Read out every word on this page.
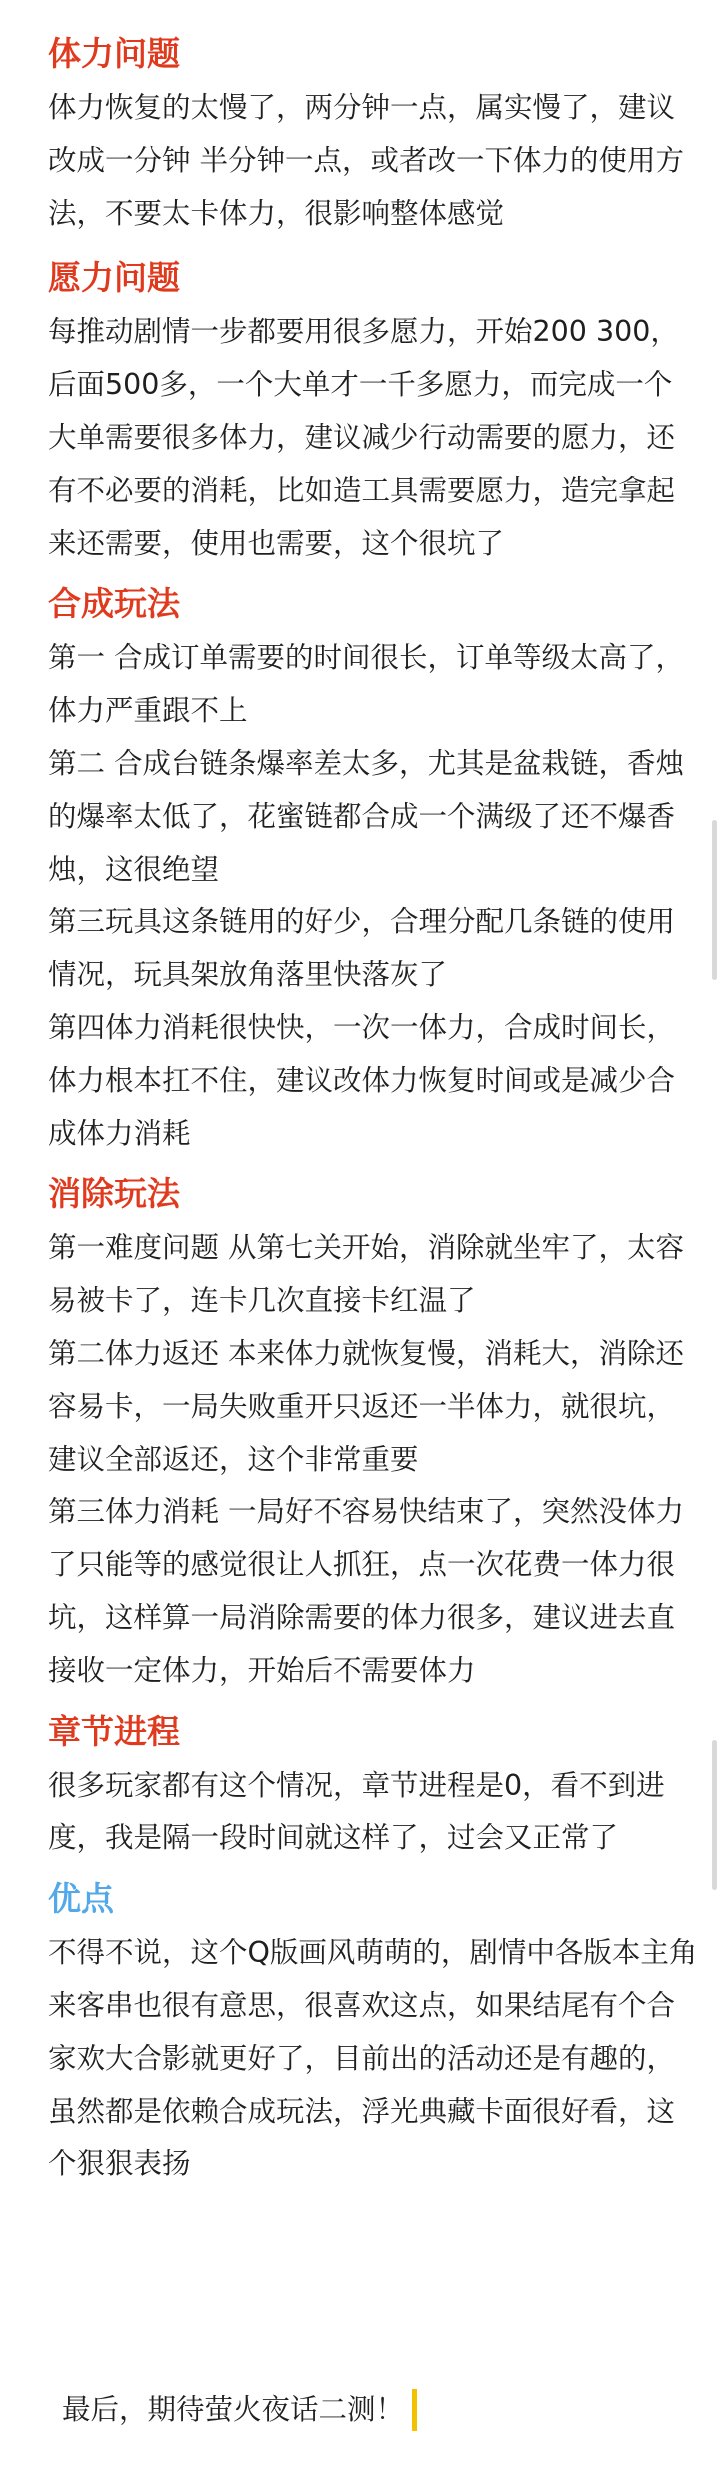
体力问题

体力恢复的太慢了，两分钟一点，属实慢了，建议改成一分钟 半分钟一点，或者改一下体力的使用方法，不要太卡体力，很影响整体感觉

愿力问题

每推动剧情一步都要用很多愿力，开始200 300，后面500多，一个大单才一千多愿力，而完成一个大单需要很多体力，建议减少行动需要的愿力，还有不必要的消耗，比如造工具需要愿力，造完拿起来还需要，使用也需要，这个很坑了

合成玩法

第一 合成订单需要的时间很长，订单等级太高了，体力严重跟不上

第二 合成台链条爆率差太多，尤其是盆栽链，香烛的爆率太低了，花蜜链都合成一个满级了还不爆香烛，这很绝望

第三玩具这条链用的好少，合理分配几条链的使用情况，玩具架放角落里快落灰了

第四体力消耗很快快，一次一体力，合成时间长，体力根本扛不住，建议改体力恢复时间或是减少合成体力消耗

消除玩法

第一难度问题 从第七关开始，消除就坐牢了，太容易被卡了，连卡几次直接卡红温了

第二体力返还 本来体力就恢复慢，消耗大，消除还容易卡，一局失败重开只返还一半体力，就很坑，建议全部返还，这个非常重要

第三体力消耗 一局好不容易快结束了，突然没体力了只能等的感觉很让人抓狂，点一次花费一体力很坑，这样算一局消除需要的体力很多，建议进去直接收一定体力，开始后不需要体力

章节进程

很多玩家都有这个情况，章节进程是0，看不到进度，我是隔一段时间就这样了，过会又正常了

优点

不得不说，这个Q版画风萌萌的，剧情中各版本主角来客串也很有意思，很喜欢这点，如果结尾有个合家欢大合影就更好了，目前出的活动还是有趣的，虽然都是依赖合成玩法，浮光典藏卡面很好看，这个狠狠表扬

最后，期待萤火夜话二测！
